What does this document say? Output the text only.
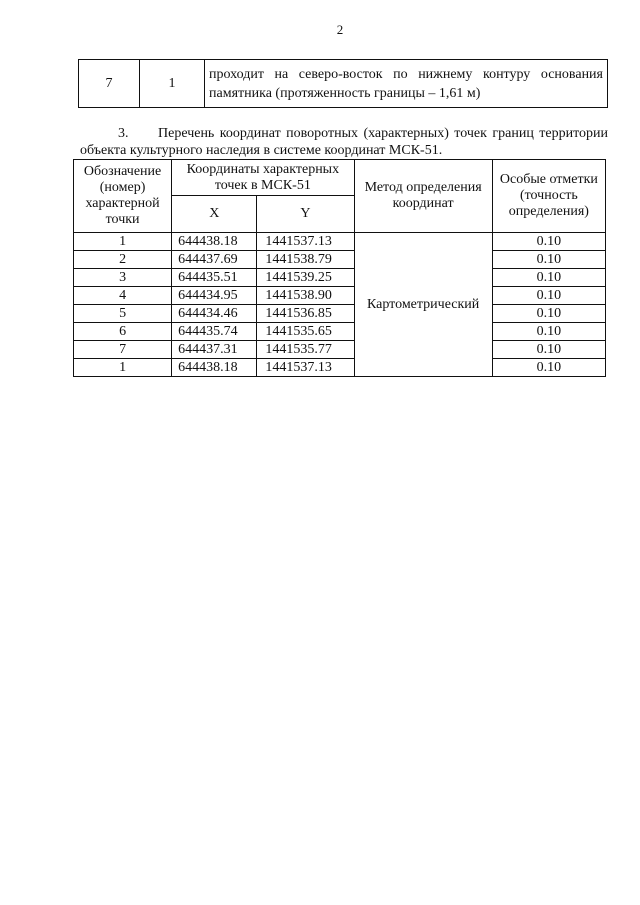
2
7	1	проходит на северо-восток по нижнему контуру основания памятника (протяженность границы – 1,61 м)
3. Перечень координат поворотных (характерных) точек границ территории объекта культурного наследия в системе координат МСК-51.
Обозначение (номер) характерной точки	Координаты характерных точек в МСК-51		Метод определения координат	Особые отметки (точность определения)
	X	Y		
1	644438.18	1441537.13	Картометрический	0.10
2	644437.69	1441538.79		0.10
3	644435.51	1441539.25		0.10
4	644434.95	1441538.90		0.10
5	644434.46	1441536.85		0.10
6	644435.74	1441535.65		0.10
7	644437.31	1441535.77		0.10
1	644438.18	1441537.13		0.10
